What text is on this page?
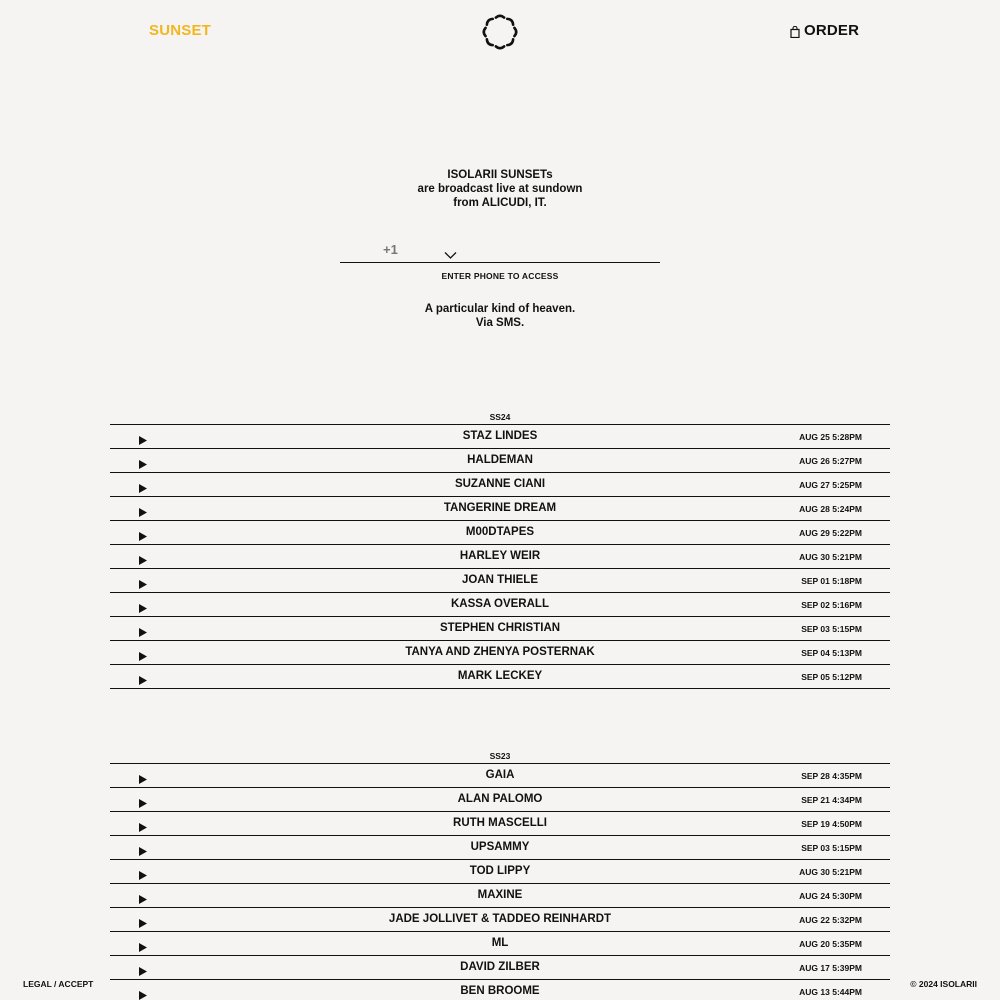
SUNSET	ORDER
ISOLARII SUNSETs
are broadcast live at sundown
from ALICUDI, IT.
+1
ENTER PHONE TO ACCESS
A particular kind of heaven.
Via SMS.
SS24
STAZ LINDES	AUG 25 5:28PM
HALDEMAN	AUG 26 5:27PM
SUZANNE CIANI	AUG 27 5:25PM
TANGERINE DREAM	AUG 28 5:24PM
M00DTAPES	AUG 29 5:22PM
HARLEY WEIR	AUG 30 5:21PM
JOAN THIELE	SEP 01 5:18PM
KASSA OVERALL	SEP 02 5:16PM
STEPHEN CHRISTIAN	SEP 03 5:15PM
TANYA AND ZHENYA POSTERNAK	SEP 04 5:13PM
MARK LECKEY	SEP 05 5:12PM
SS23
GAIA	SEP 28 4:35PM
ALAN PALOMO	SEP 21 4:34PM
RUTH MASCELLI	SEP 19 4:50PM
UPSAMMY	SEP 03 5:15PM
TOD LIPPY	AUG 30 5:21PM
MAXINE	AUG 24 5:30PM
JADE JOLLIVET & TADDEO REINHARDT	AUG 22 5:32PM
ML	AUG 20 5:35PM
DAVID ZILBER	AUG 17 5:39PM
BEN BROOME	AUG 13 5:44PM
LEGAL / ACCEPT	© 2024 ISOLARII
